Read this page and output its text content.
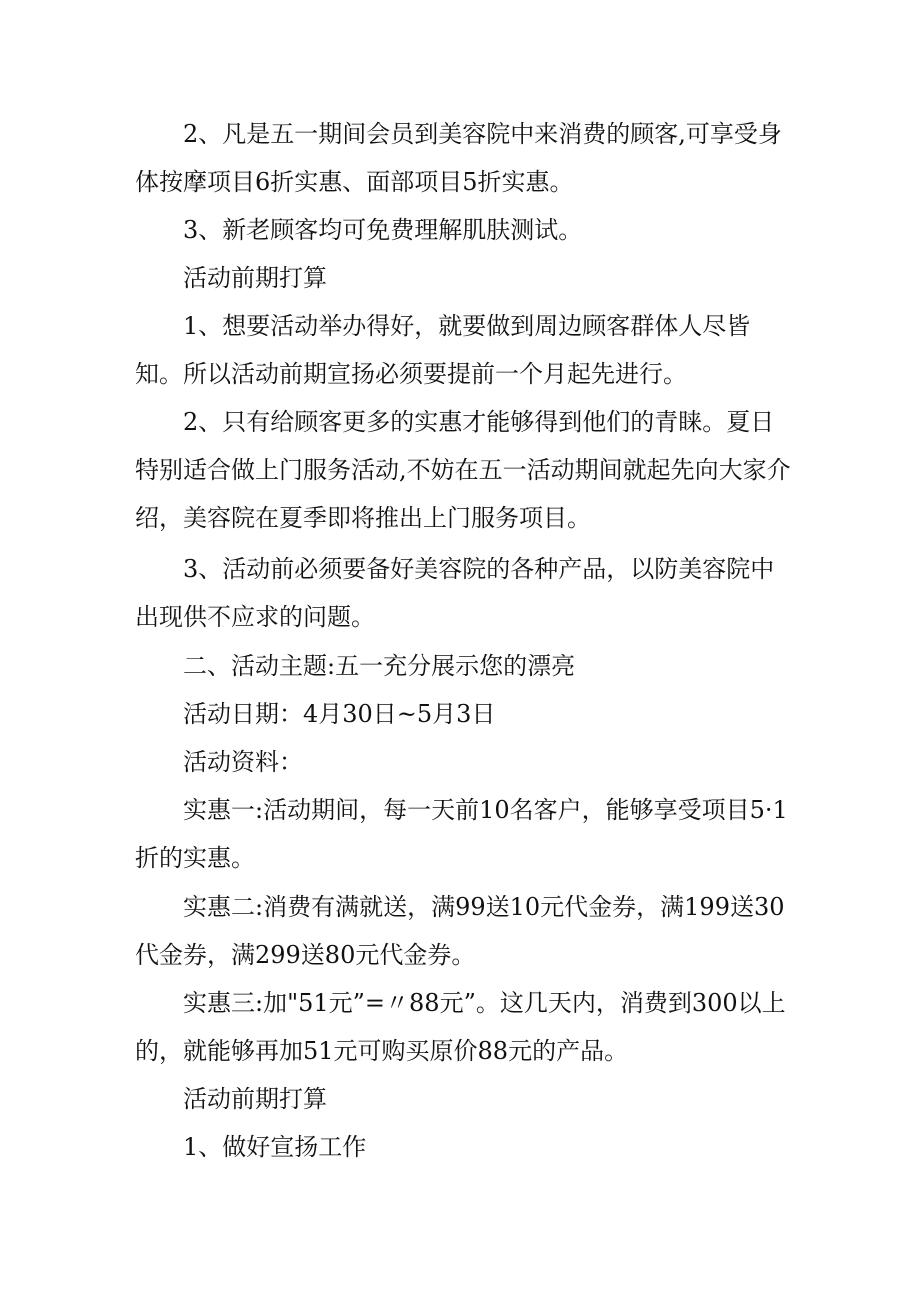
2、凡是五一期间会员到美容院中来消费的顾客,可享受身体按摩项目6折实惠、面部项目5折实惠。

3、新老顾客均可免费理解肌肤测试。

活动前期打算

1、想要活动举办得好，就要做到周边顾客群体人尽皆知。所以活动前期宣扬必须要提前一个月起先进行。

2、只有给顾客更多的实惠才能够得到他们的青睐。夏日特别适合做上门服务活动,不妨在五一活动期间就起先向大家介绍，美容院在夏季即将推出上门服务项目。

3、活动前必须要备好美容院的各种产品，以防美容院中出现供不应求的问题。

二、活动主题:五一充分展示您的漂亮

活动日期：4月30日~5月3日

活动资料：

实惠一:活动期间，每一天前10名客户，能够享受项目5·1折的实惠。

实惠二:消费有满就送，满99送10元代金券，满199送30代金券，满299送80元代金券。

实惠三:加"51元”=〃88元”。这几天内，消费到300以上的，就能够再加51元可购买原价88元的产品。

活动前期打算

1、做好宣扬工作
